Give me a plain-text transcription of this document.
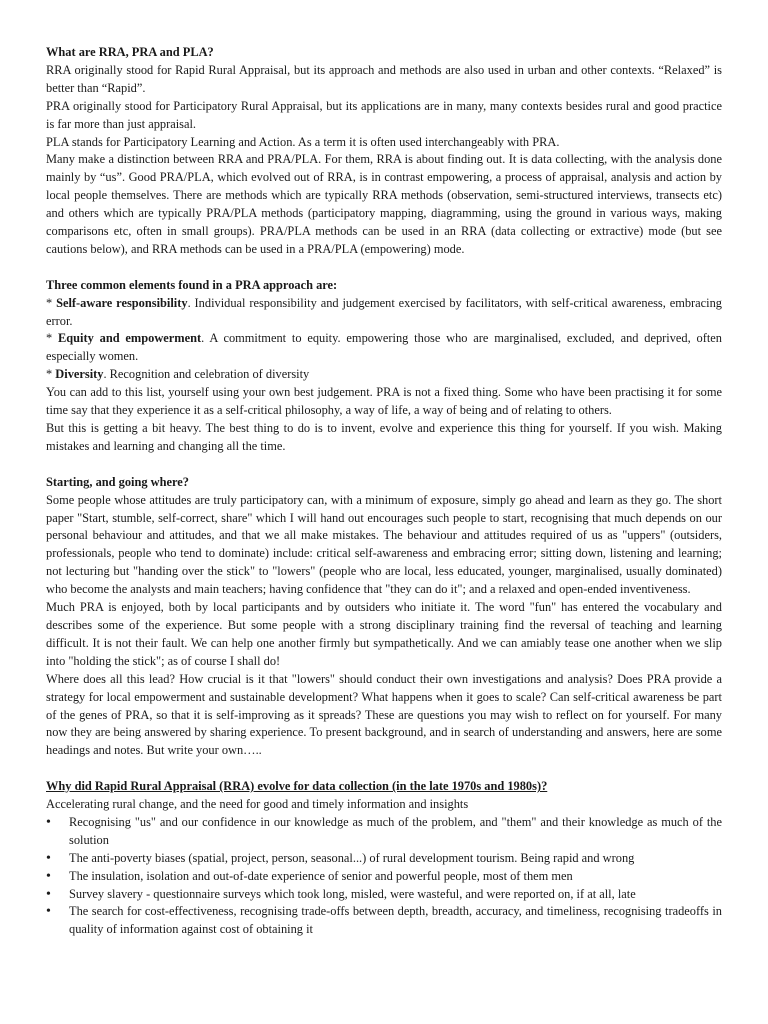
What are RRA, PRA and PLA?

RRA originally stood for Rapid Rural Appraisal, but its approach and methods are also used in urban and other contexts. “Relaxed” is better than “Rapid”.

PRA originally stood for Participatory Rural Appraisal, but its applications are in many, many contexts besides rural and good practice is far more than just appraisal.

PLA stands for Participatory Learning and Action. As a term it is often used interchangeably with PRA.

Many make a distinction between RRA and PRA/PLA. For them, RRA is about finding out. It is data collecting, with the analysis done mainly by “us”. Good PRA/PLA, which evolved out of RRA, is in contrast empowering, a process of appraisal, analysis and action by local people themselves. There are methods which are typically RRA methods (observation, semi-structured interviews, transects etc) and others which are typically PRA/PLA methods (participatory mapping, diagramming, using the ground in various ways, making comparisons etc, often in small groups). PRA/PLA methods can be used in an RRA (data collecting or extractive) mode (but see cautions below), and RRA methods can be used in a PRA/PLA (empowering) mode.

Three common elements found in a PRA approach are:

* Self-aware responsibility. Individual responsibility and judgement exercised by facilitators, with self-critical awareness, embracing error.

* Equity and empowerment. A commitment to equity. empowering those who are marginalised, excluded, and deprived, often especially women.

* Diversity. Recognition and celebration of diversity

You can add to this list, yourself using your own best judgement. PRA is not a fixed thing. Some who have been practising it for some time say that they experience it as a self-critical philosophy, a way of life, a way of being and of relating to others.

But this is getting a bit heavy. The best thing to do is to invent, evolve and experience this thing for yourself. If you wish. Making mistakes and learning and changing all the time.

Starting, and going where?

Some people whose attitudes are truly participatory can, with a minimum of exposure, simply go ahead and learn as they go. The short paper "Start, stumble, self-correct, share" which I will hand out encourages such people to start, recognising that much depends on our personal behaviour and attitudes, and that we all make mistakes. The behaviour and attitudes required of us as "uppers" (outsiders, professionals, people who tend to dominate) include: critical self-awareness and embracing error; sitting down, listening and learning; not lecturing but "handing over the stick" to "lowers" (people who are local, less educated, younger, marginalised, usually dominated) who become the analysts and main teachers; having confidence that "they can do it"; and a relaxed and open-ended inventiveness.

Much PRA is enjoyed, both by local participants and by outsiders who initiate it. The word "fun" has entered the vocabulary and describes some of the experience. But some people with a strong disciplinary training find the reversal of teaching and learning difficult. It is not their fault. We can help one another firmly but sympathetically. And we can amiably tease one another when we slip into "holding the stick"; as of course I shall do!

Where does all this lead? How crucial is it that "lowers" should conduct their own investigations and analysis? Does PRA provide a strategy for local empowerment and sustainable development? What happens when it goes to scale? Can self-critical awareness be part of the genes of PRA, so that it is self-improving as it spreads? These are questions you may wish to reflect on for yourself. For many now they are being answered by sharing experience. To present background, and in search of understanding and answers, here are some headings and notes. But write your own…..

Why did Rapid Rural Appraisal (RRA) evolve for data collection (in the late 1970s and 1980s)?

Accelerating rural change, and the need for good and timely information and insights

• Recognising "us" and our confidence in our knowledge as much of the problem, and "them" and their knowledge as much of the solution
• The anti-poverty biases (spatial, project, person, seasonal...) of rural development tourism. Being rapid and wrong
• The insulation, isolation and out-of-date experience of senior and powerful people, most of them men
• Survey slavery - questionnaire surveys which took long, misled, were wasteful, and were reported on, if at all, late
• The search for cost-effectiveness, recognising trade-offs between depth, breadth, accuracy, and timeliness, recognising tradeoffs in quality of information against cost of obtaining it
